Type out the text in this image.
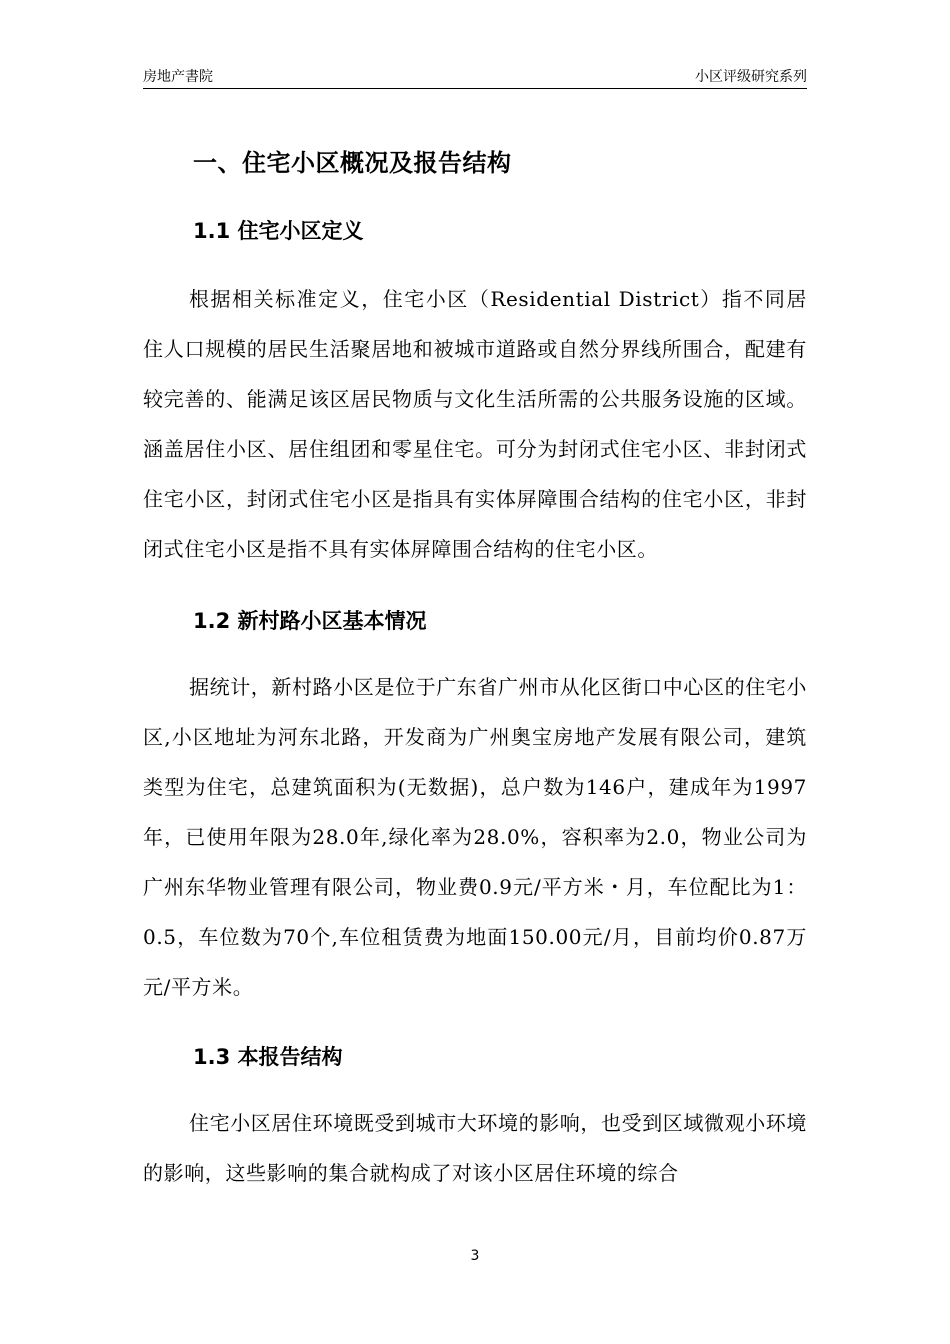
房地产書院	小区评级研究系列
一、住宅小区概况及报告结构
1.1 住宅小区定义

根据相关标准定义，住宅小区（Residential District）指不同居住人口规模的居民生活聚居地和被城市道路或自然分界线所围合，配建有较完善的、能满足该区居民物质与文化生活所需的公共服务设施的区域。涵盖居住小区、居住组团和零星住宅。可分为封闭式住宅小区、非封闭式住宅小区，封闭式住宅小区是指具有实体屏障围合结构的住宅小区，非封闭式住宅小区是指不具有实体屏障围合结构的住宅小区。

1.2 新村路小区基本情况

据统计，新村路小区是位于广东省广州市从化区街口中心区的住宅小区,小区地址为河东北路，开发商为广州奥宝房地产发展有限公司，建筑类型为住宅，总建筑面积为(无数据)，总户数为146户，建成年为1997年，已使用年限为28.0年,绿化率为28.0%，容积率为2.0，物业公司为广州东华物业管理有限公司，物业费0.9元/平方米・月，车位配比为1：0.5，车位数为70个,车位租赁费为地面150.00元/月，目前均价0.87万元/平方米。

1.3 本报告结构

住宅小区居住环境既受到城市大环境的影响，也受到区域微观小环境的影响，这些影响的集合就构成了对该小区居住环境的综合

3
